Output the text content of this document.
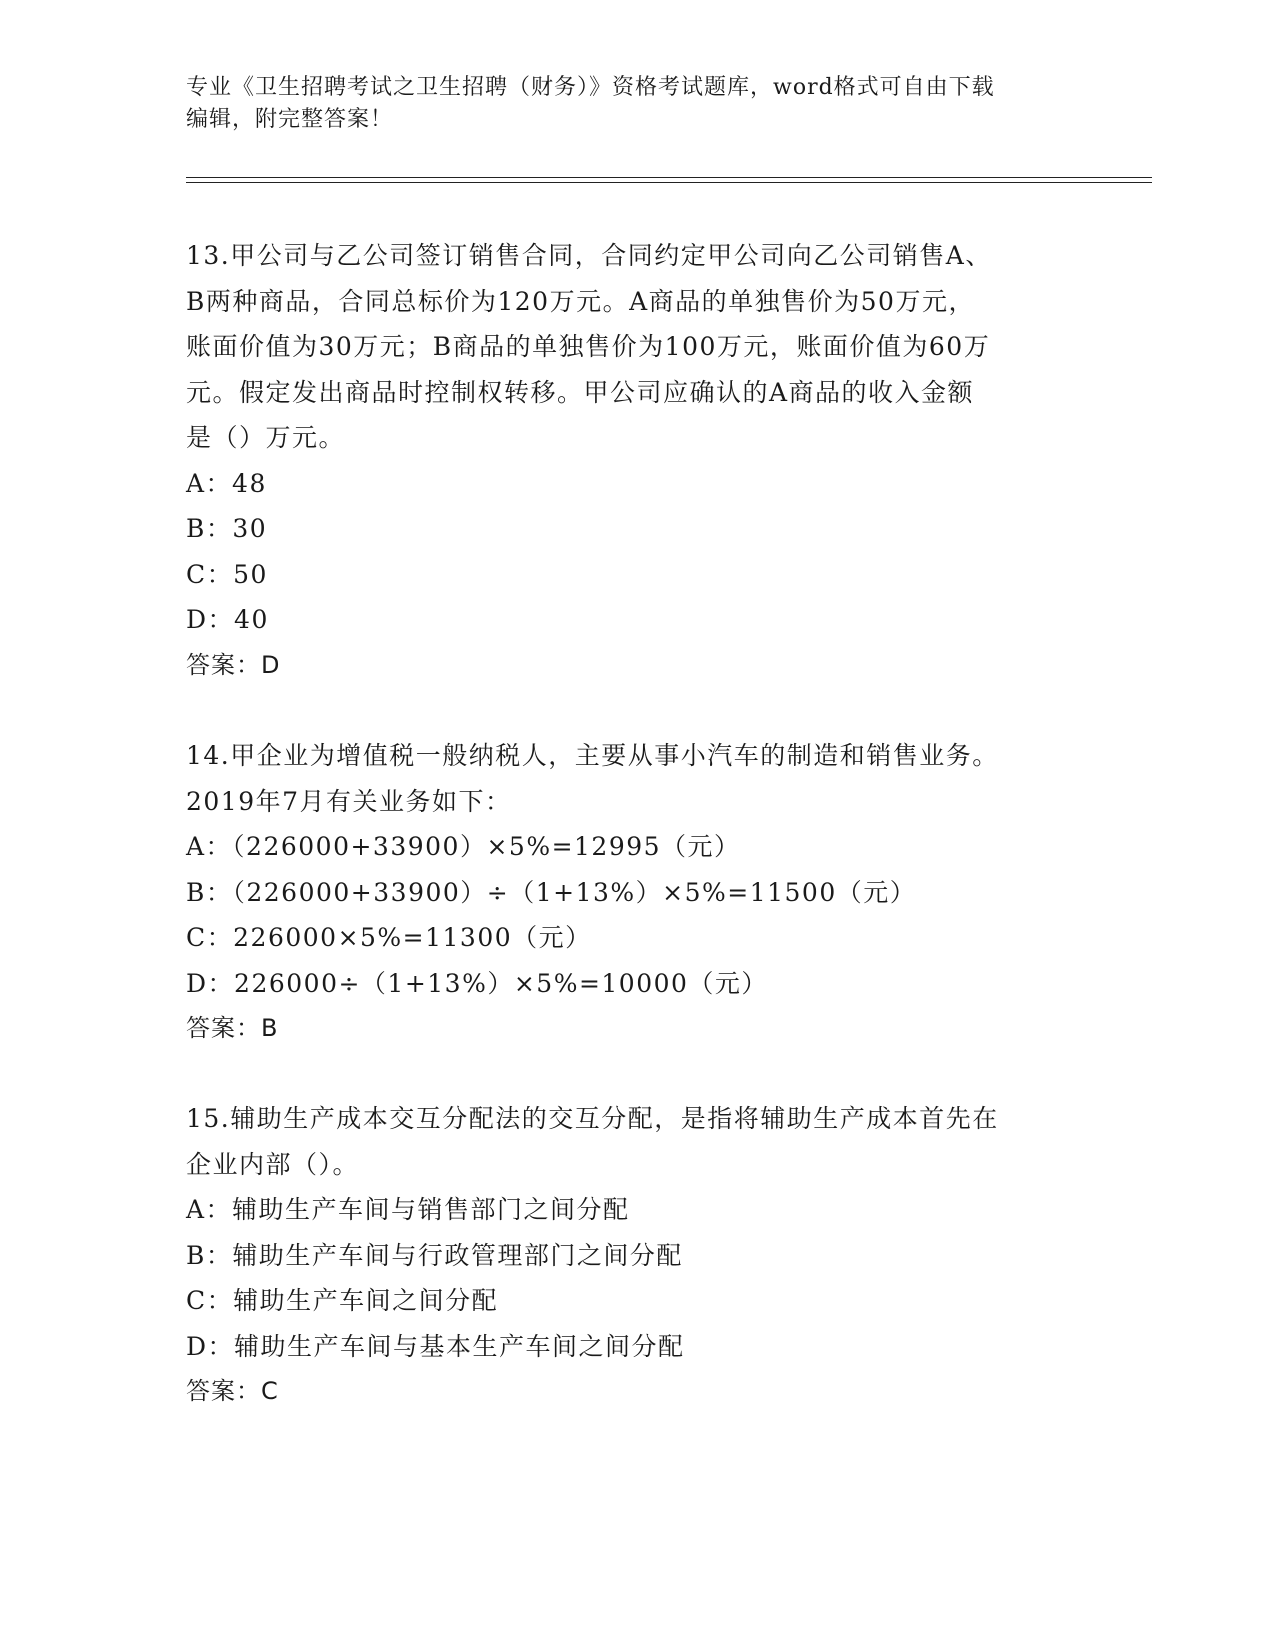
专业《卫生招聘考试之卫生招聘（财务）》资格考试题库，word格式可自由下载
编辑，附完整答案！
13.甲公司与乙公司签订销售合同，合同约定甲公司向乙公司销售A、
B两种商品，合同总标价为120万元。A商品的单独售价为50万元，
账面价值为30万元；B商品的单独售价为100万元，账面价值为60万
元。假定发出商品时控制权转移。甲公司应确认的A商品的收入金额
是（）万元。
A：48
B：30
C：50
D：40
答案：D
14.甲企业为增值税一般纳税人，主要从事小汽车的制造和销售业务。
2019年7月有关业务如下：
A：（226000+33900）×5%=12995（元）
B：（226000+33900）÷（1+13%）×5%=11500（元）
C：226000×5%=11300（元）
D：226000÷（1+13%）×5%=10000（元）
答案：B
15.辅助生产成本交互分配法的交互分配，是指将辅助生产成本首先在
企业内部（）。
A：辅助生产车间与销售部门之间分配
B：辅助生产车间与行政管理部门之间分配
C：辅助生产车间之间分配
D：辅助生产车间与基本生产车间之间分配
答案：C
